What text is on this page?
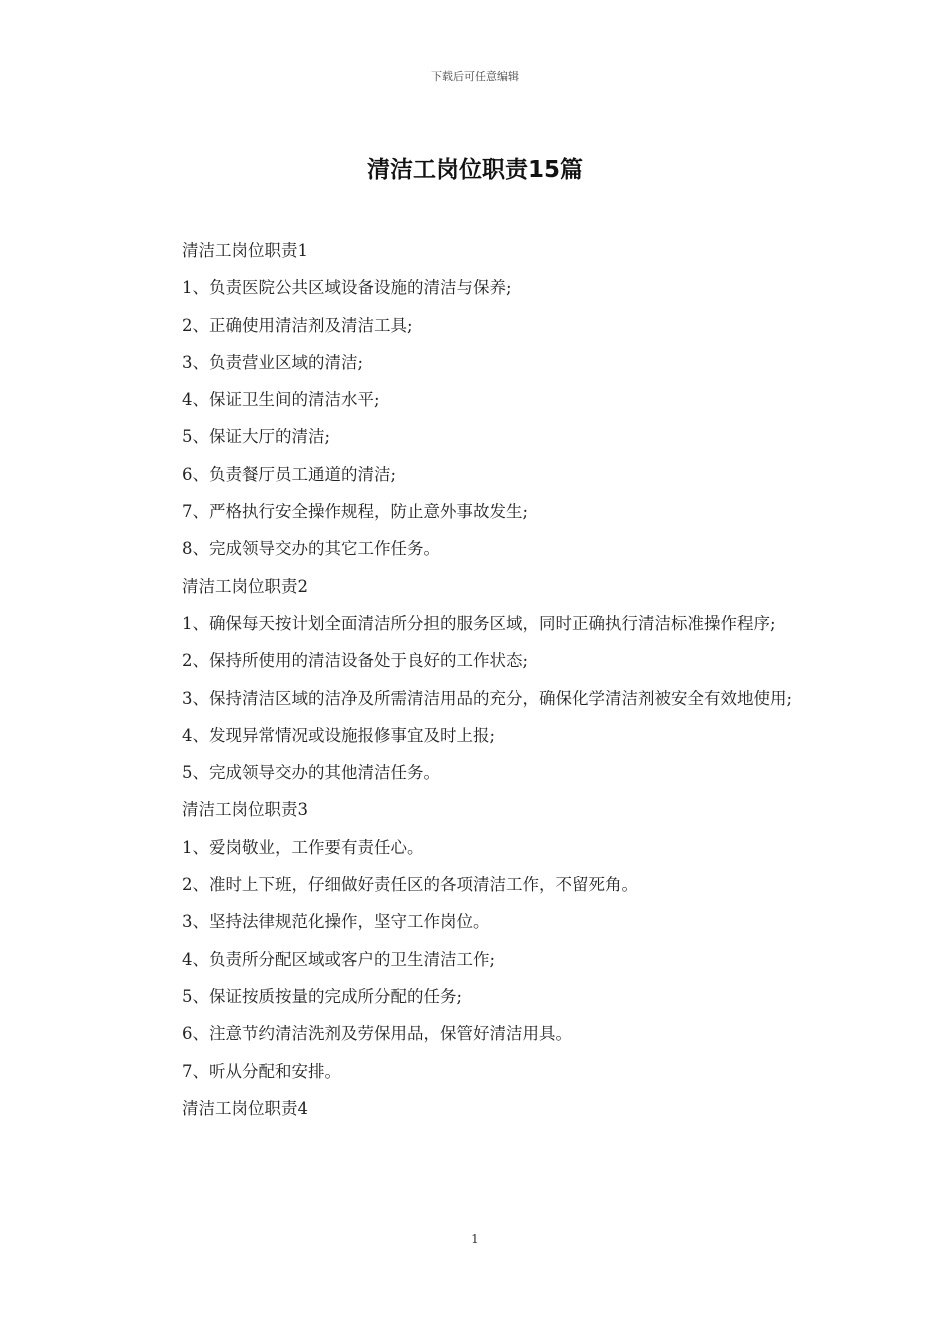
下载后可任意编辑
清洁工岗位职责15篇

清洁工岗位职责1

1、负责医院公共区域设备设施的清洁与保养;

2、正确使用清洁剂及清洁工具;

3、负责营业区域的清洁;

4、保证卫生间的清洁水平;

5、保证大厅的清洁;

6、负责餐厅员工通道的清洁;

7、严格执行安全操作规程，防止意外事故发生;

8、完成领导交办的其它工作任务。

清洁工岗位职责2

1、确保每天按计划全面清洁所分担的服务区域，同时正确执行清洁标准操作程序;

2、保持所使用的清洁设备处于良好的工作状态;

3、保持清洁区域的洁净及所需清洁用品的充分，确保化学清洁剂被安全有效地使用;

4、发现异常情况或设施报修事宜及时上报;

5、完成领导交办的其他清洁任务。

清洁工岗位职责3

1、爱岗敬业，工作要有责任心。

2、准时上下班，仔细做好责任区的各项清洁工作，不留死角。

3、坚持法律规范化操作，坚守工作岗位。

4、负责所分配区域或客户的卫生清洁工作;

5、保证按质按量的完成所分配的任务;

6、注意节约清洁洗剂及劳保用品，保管好清洁用具。

7、听从分配和安排。

清洁工岗位职责4

1
